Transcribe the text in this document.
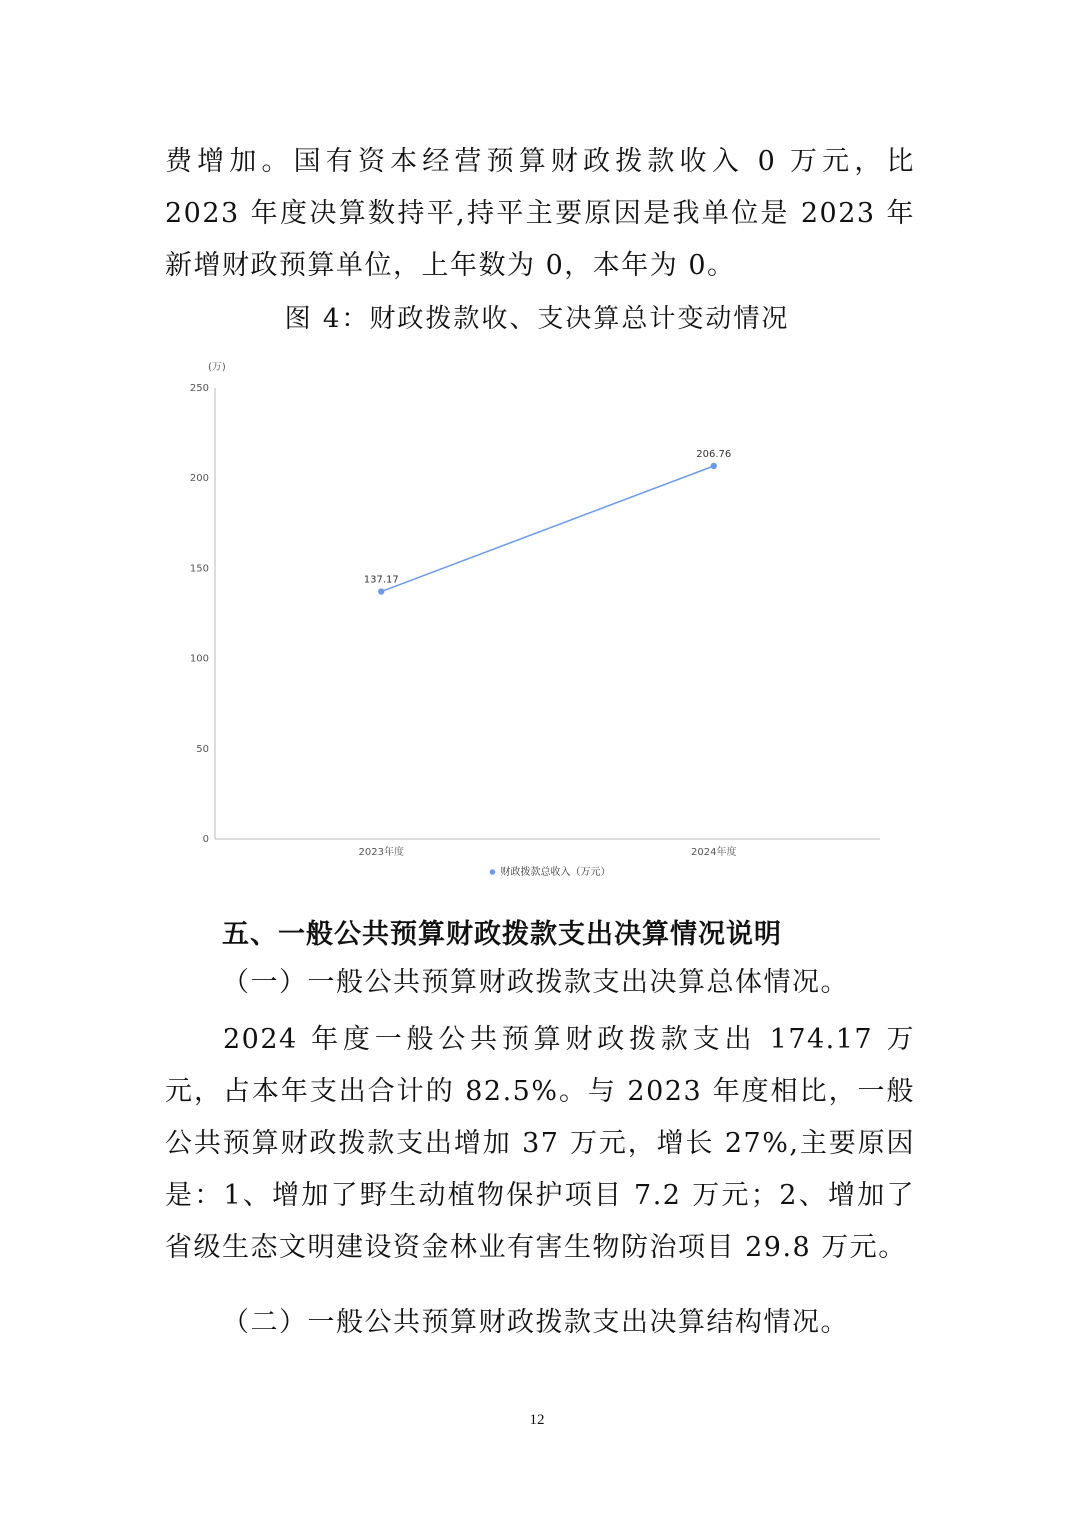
费增加。国有资本经营预算财政拨款收入 0 万元，比 2023 年度决算数持平,持平主要原因是我单位是 2023 年新增财政预算单位，上年数为 0，本年为 0。

图 4：财政拨款收、支决算总计变动情况
(万)
0
50
100
150
200
250
2023年度	2024年度
137.17
206.76
财政拨款总收入（万元）
五、一般公共预算财政拨款支出决算情况说明
（一）一般公共预算财政拨款支出决算总体情况。

2024 年度一般公共预算财政拨款支出 174.17 万元，占本年支出合计的 82.5%。与 2023 年度相比，一般公共预算财政拨款支出增加 37 万元，增长 27%,主要原因是：1、增加了野生动植物保护项目 7.2 万元；2、增加了省级生态文明建设资金林业有害生物防治项目 29.8 万元。

（二）一般公共预算财政拨款支出决算结构情况。
12
